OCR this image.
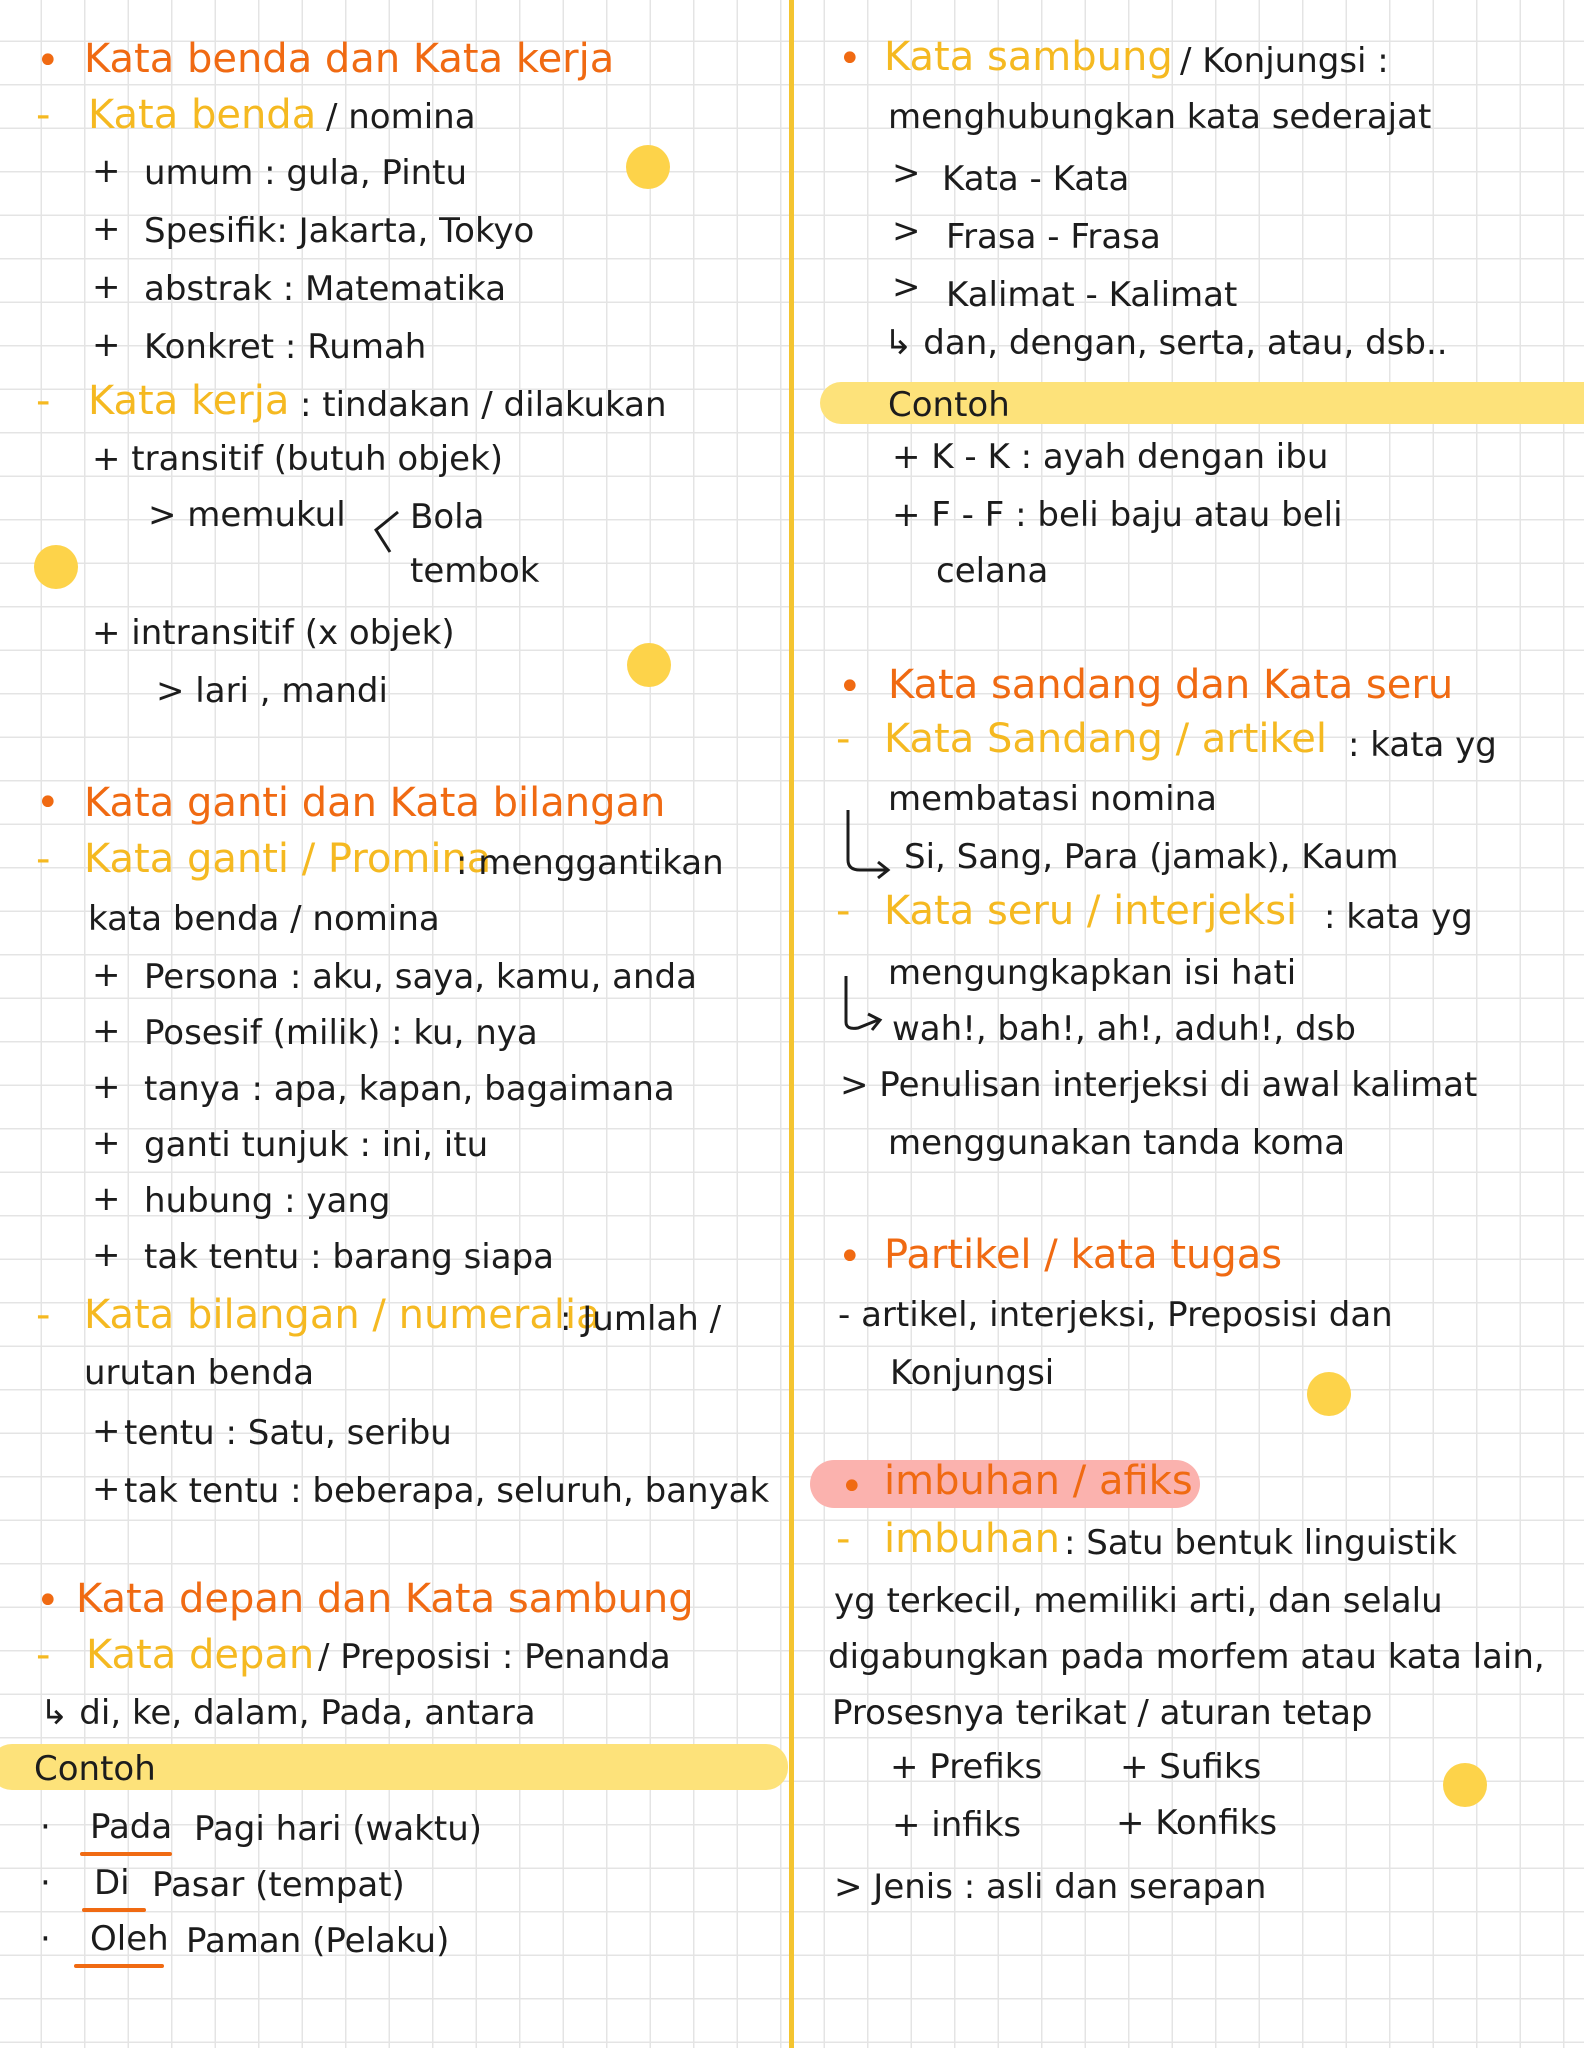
• Kata benda dan Kata kerja
- Kata benda / nomina
+ umum : gula, Pintu
+ Spesifik: Jakarta, Tokyo
+ abstrak : Matematika
+ Konkret : Rumah
- Kata kerja : tindakan / dilakukan
+ transitif (butuh objek)
> memukul Bola
tembok
+ intransitif (x objek)
> lari , mandi
• Kata ganti dan Kata bilangan
- Kata ganti / Promina
: menggantikan
kata benda / nomina
+ Persona : aku, saya, kamu, anda
+ Posesif (milik) : ku, nya
+ tanya : apa, kapan, bagaimana
+ ganti tunjuk : ini, itu
+ hubung : yang
+ tak tentu : barang siapa
- Kata bilangan / numeralia
: Jumlah /
urutan benda
+ tentu : Satu, seribu
+ tak tentu : beberapa, seluruh, banyak
• Kata depan dan Kata sambung
- Kata depan / Preposisi : Penanda
↳ di, ke, dalam, Pada, antara
Contoh
· Pada Pagi hari (waktu)
· Di Pasar (tempat)
· Oleh Paman (Pelaku)
• Kata sambung / Konjungsi :
menghubungkan kata sederajat
> Kata - Kata
> Frasa - Frasa
> Kalimat - Kalimat
↳ dan, dengan, serta, atau, dsb..
Contoh
+ K - K : ayah dengan ibu
+ F - F : beli baju atau beli
celana
• Kata sandang dan Kata seru
- Kata Sandang / artikel : kata yg
membatasi nomina
Si, Sang, Para (jamak), Kaum
- Kata seru / interjeksi : kata yg
mengungkapkan isi hati
wah!, bah!, ah!, aduh!, dsb
> Penulisan interjeksi di awal kalimat
menggunakan tanda koma
• Partikel / kata tugas
- artikel, interjeksi, Preposisi dan
Konjungsi
• imbuhan / afiks
- imbuhan : Satu bentuk linguistik
yg terkecil, memiliki arti, dan selalu
digabungkan pada morfem atau kata lain,
Prosesnya terikat / aturan tetap
+ Prefiks + Sufiks
+ infiks	+ Konfiks
> Jenis : asli dan serapan
